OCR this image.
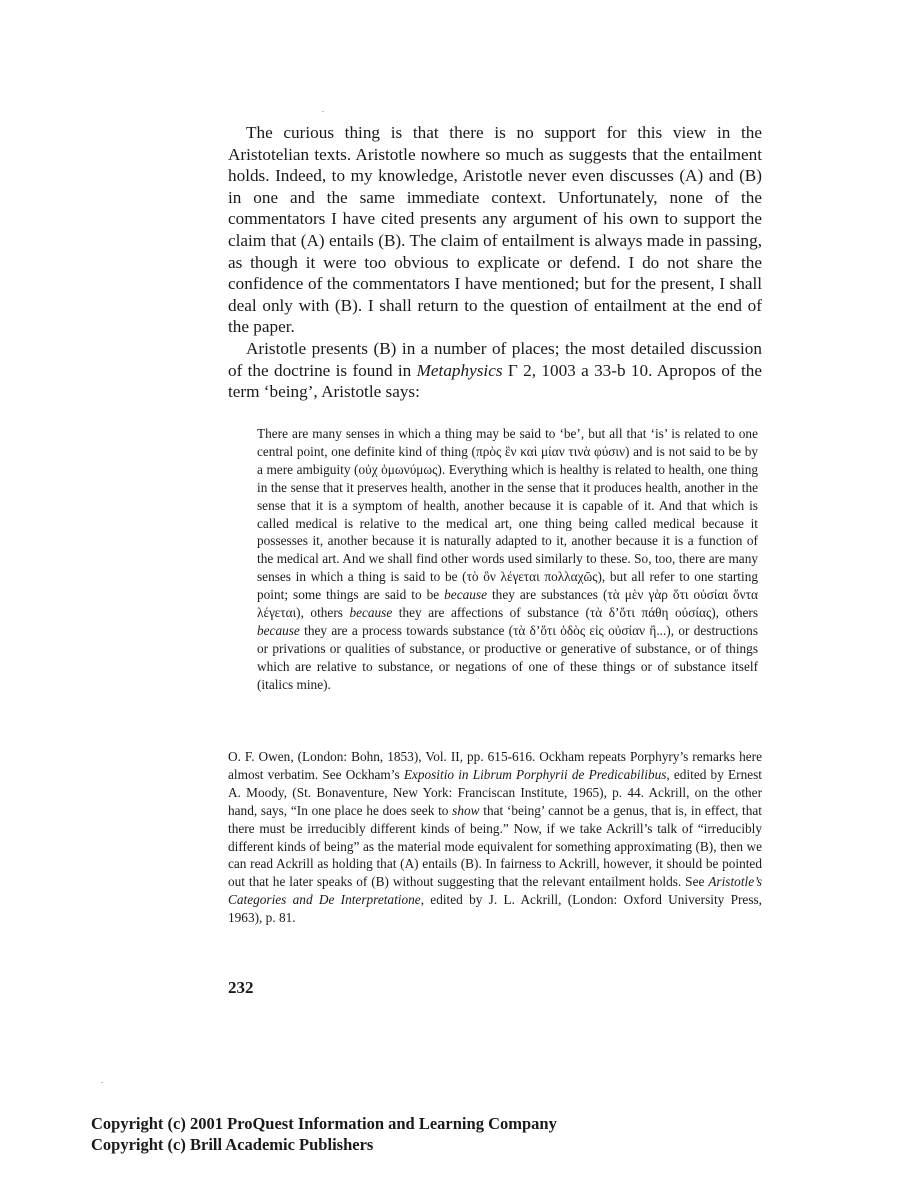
The curious thing is that there is no support for this view in the Aristotelian texts. Aristotle nowhere so much as suggests that the entailment holds. Indeed, to my knowledge, Aristotle never even discusses (A) and (B) in one and the same immediate context. Unfortunately, none of the commentators I have cited presents any argument of his own to support the claim that (A) entails (B). The claim of entailment is always made in passing, as though it were too obvious to explicate or defend. I do not share the confidence of the commentators I have mentioned; but for the present, I shall deal only with (B). I shall return to the question of entailment at the end of the paper.

Aristotle presents (B) in a number of places; the most detailed discussion of the doctrine is found in Metaphysics Γ 2, 1003 a 33-b 10. Apropos of the term ‘being’, Aristotle says:

There are many senses in which a thing may be said to ‘be’, but all that ‘is’ is related to one central point, one definite kind of thing (πρὸς ἓν καὶ μίαν τινὰ φύσιν) and is not said to be by a mere ambiguity (οὐχ ὁμωνύμως). Everything which is healthy is related to health, one thing in the sense that it preserves health, another in the sense that it produces health, another in the sense that it is a symptom of health, another because it is capable of it. And that which is called medical is relative to the medical art, one thing being called medical because it possesses it, another because it is naturally adapted to it, another because it is a function of the medical art. And we shall find other words used similarly to these. So, too, there are many senses in which a thing is said to be (τὸ ὂν λέγεται πολλαχῶς), but all refer to one starting point; some things are said to be because they are substances (τὰ μὲν γὰρ ὅτι οὐσίαι ὄντα λέγεται), others because they are affections of substance (τὰ δ’ὅτι πάθη οὐσίας), others because they are a process towards substance (τὰ δ’ὅτι ὁδὸς εἰς οὐσίαν ἢ...), or destructions or privations or qualities of substance, or productive or generative of substance, or of things which are relative to substance, or negations of one of these things or of substance itself (italics mine).

O. F. Owen, (London: Bohn, 1853), Vol. II, pp. 615-616. Ockham repeats Porphyry’s remarks here almost verbatim. See Ockham’s Expositio in Librum Porphyrii de Predicabilibus, edited by Ernest A. Moody, (St. Bonaventure, New York: Franciscan Institute, 1965), p. 44. Ackrill, on the other hand, says, “In one place he does seek to show that ‘being’ cannot be a genus, that is, in effect, that there must be irreducibly different kinds of being.” Now, if we take Ackrill’s talk of “irreducibly different kinds of being” as the material mode equivalent for something approximating (B), then we can read Ackrill as holding that (A) entails (B). In fairness to Ackrill, however, it should be pointed out that he later speaks of (B) without suggesting that the relevant entailment holds. See Aristotle’s Categories and De Interpretatione, edited by J. L. Ackrill, (London: Oxford University Press, 1963), p. 81.

232
Copyright (c) 2001 ProQuest Information and Learning Company
Copyright (c) Brill Academic Publishers
